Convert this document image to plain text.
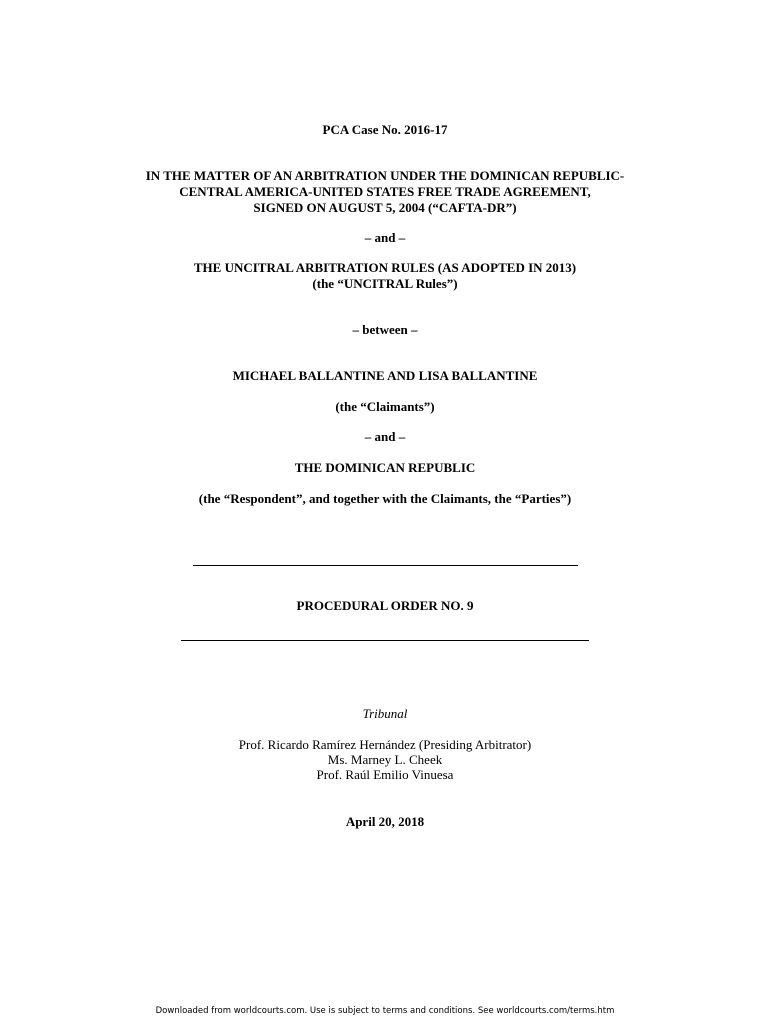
PCA Case No. 2016-17
IN THE MATTER OF AN ARBITRATION UNDER THE DOMINICAN REPUBLIC-
CENTRAL AMERICA-UNITED STATES FREE TRADE AGREEMENT,
SIGNED ON AUGUST 5, 2004 (“CAFTA-DR”)
– and –
THE UNCITRAL ARBITRATION RULES (AS ADOPTED IN 2013)
(the “UNCITRAL Rules”)
– between –
MICHAEL BALLANTINE AND LISA BALLANTINE
(the “Claimants”)
– and –
THE DOMINICAN REPUBLIC
(the “Respondent”, and together with the Claimants, the “Parties”)
PROCEDURAL ORDER NO. 9
Tribunal
Prof. Ricardo Ramírez Hernández (Presiding Arbitrator)
Ms. Marney L. Cheek
Prof. Raúl Emilio Vinuesa
April 20, 2018
Downloaded from worldcourts.com. Use is subject to terms and conditions. See worldcourts.com/terms.htm
